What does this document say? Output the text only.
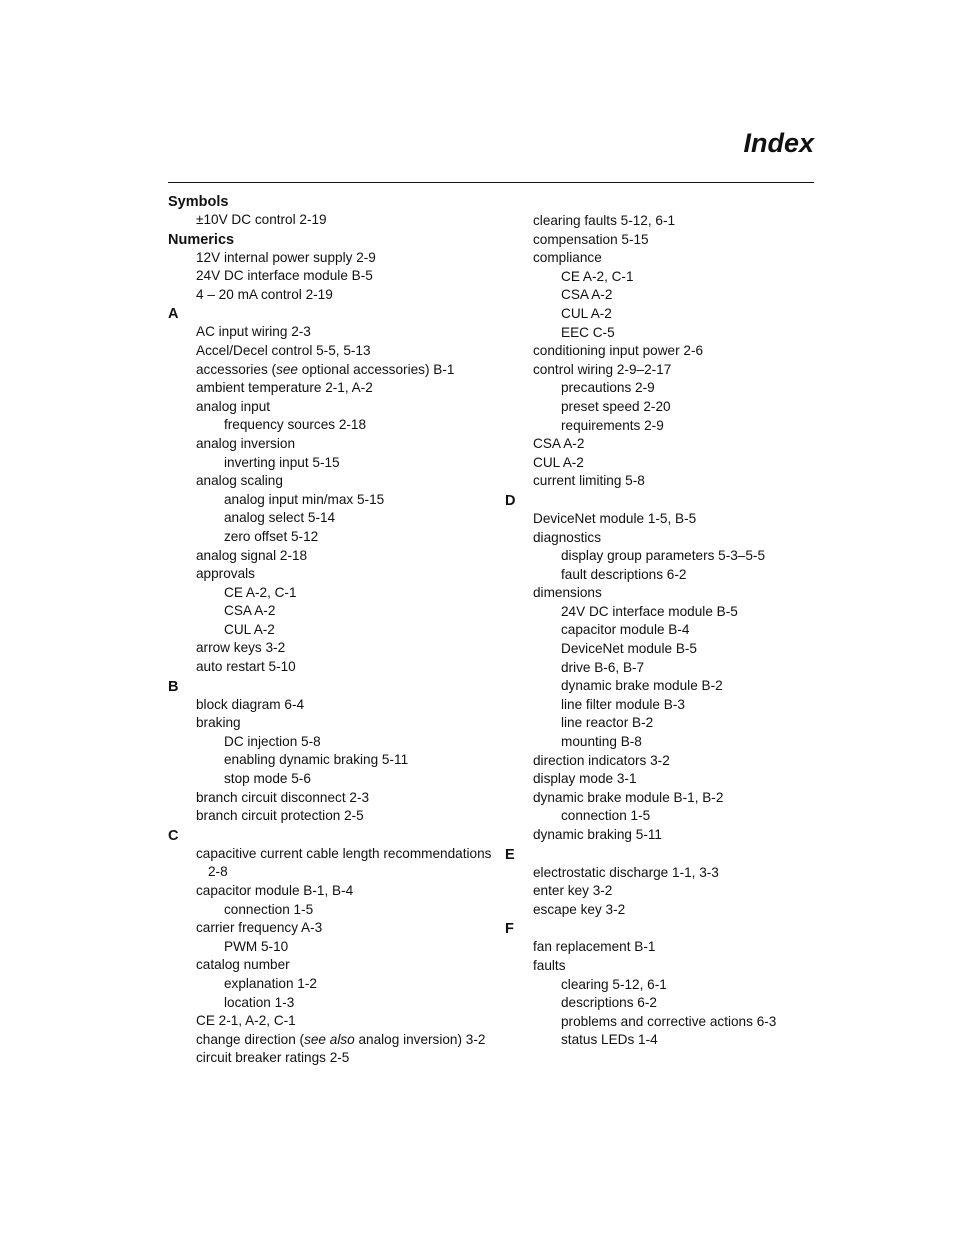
Index
Symbols
±10V DC control 2-19
Numerics
12V internal power supply 2-9
24V DC interface module B-5
4 – 20 mA control 2-19
A
AC input wiring 2-3
Accel/Decel control 5-5, 5-13
accessories (see optional accessories) B-1
ambient temperature 2-1, A-2
analog input
frequency sources 2-18
analog inversion
inverting input 5-15
analog scaling
analog input min/max 5-15
analog select 5-14
zero offset 5-12
analog signal 2-18
approvals
CE A-2, C-1
CSA A-2
CUL A-2
arrow keys 3-2
auto restart 5-10
B
block diagram 6-4
braking
DC injection 5-8
enabling dynamic braking 5-11
stop mode 5-6
branch circuit disconnect 2-3
branch circuit protection 2-5
C
capacitive current cable length recommendations
2-8
capacitor module B-1, B-4
connection 1-5
carrier frequency A-3
PWM 5-10
catalog number
explanation 1-2
location 1-3
CE 2-1, A-2, C-1
change direction (see also analog inversion) 3-2
circuit breaker ratings 2-5
clearing faults 5-12, 6-1
compensation 5-15
compliance
CE A-2, C-1
CSA A-2
CUL A-2
EEC C-5
conditioning input power 2-6
control wiring 2-9–2-17
precautions 2-9
preset speed 2-20
requirements 2-9
CSA A-2
CUL A-2
current limiting 5-8
D
DeviceNet module 1-5, B-5
diagnostics
display group parameters 5-3–5-5
fault descriptions 6-2
dimensions
24V DC interface module B-5
capacitor module B-4
DeviceNet module B-5
drive B-6, B-7
dynamic brake module B-2
line filter module B-3
line reactor B-2
mounting B-8
direction indicators 3-2
display mode 3-1
dynamic brake module B-1, B-2
connection 1-5
dynamic braking 5-11
E
electrostatic discharge 1-1, 3-3
enter key 3-2
escape key 3-2
F
fan replacement B-1
faults
clearing 5-12, 6-1
descriptions 6-2
problems and corrective actions 6-3
status LEDs 1-4
